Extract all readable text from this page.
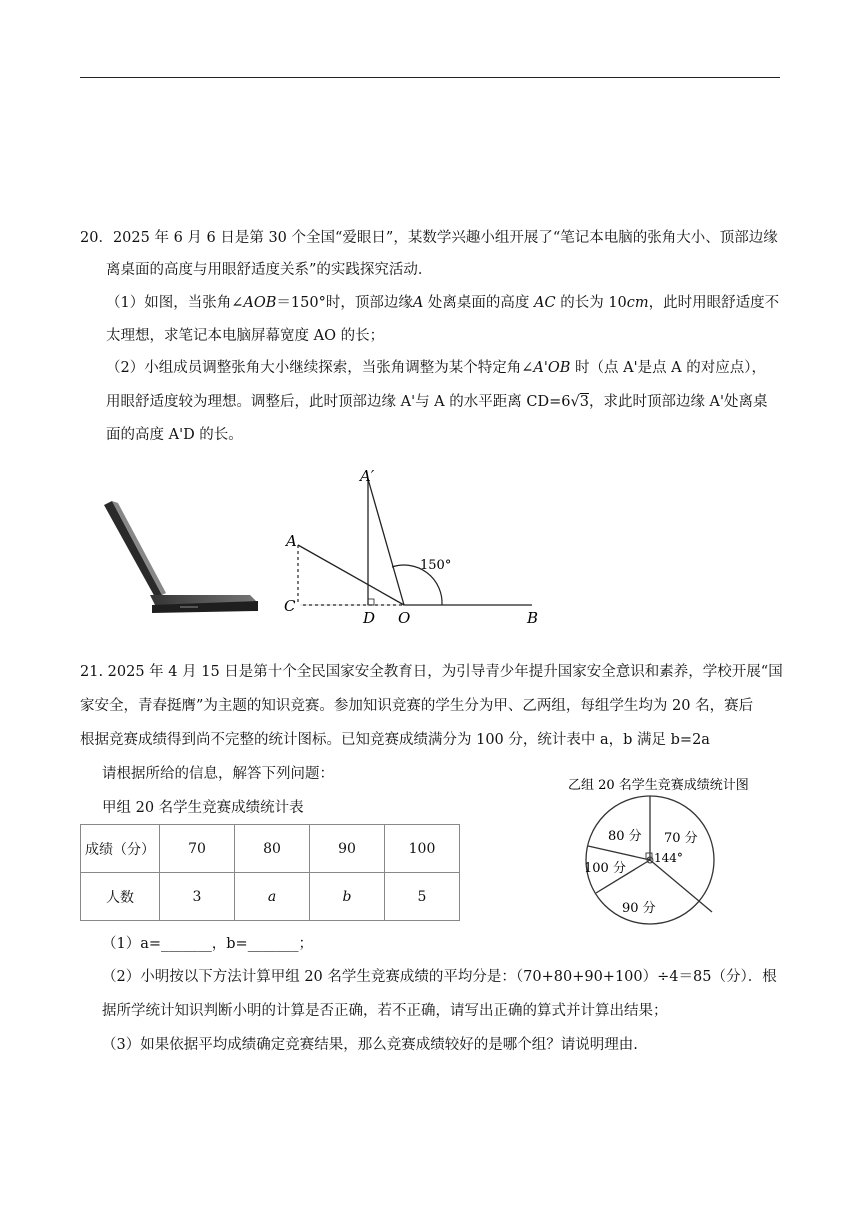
20．2025 年 6 月 6 日是第 30 个全国“爱眼日”，某数学兴趣小组开展了“笔记本电脑的张角大小、顶部边缘
离桌面的高度与用眼舒适度关系”的实践探究活动．
（1）如图，当张角∠AOB＝150°时，顶部边缘A 处离桌面的高度 AC 的长为 10cm，此时用眼舒适度不
太理想，求笔记本电脑屏幕宽度 AO 的长；
（2）小组成员调整张角大小继续探索，当张角调整为某个特定角∠A'OB 时（点 A'是点 A 的对应点），
用眼舒适度较为理想。调整后，此时顶部边缘 A'与 A 的水平距离 CD=6√3，求此时顶部边缘 A'处离桌
面的高度 A'D 的长。
A
A′
C
D O	B
150°
21. 2025 年 4 月 15 日是第十个全民国家安全教育日，为引导青少年提升国家安全意识和素养，学校开展“国
家安全，青春挺膺”为主题的知识竞赛。参加知识竞赛的学生分为甲、乙两组，每组学生均为 20 名，赛后
根据竞赛成绩得到尚不完整的统计图标。已知竞赛成绩满分为 100 分，统计表中 a，b 满足 b=2a
请根据所给的信息，解答下列问题：
甲组 20 名学生竞赛成绩统计表
成绩（分）	70	80	90	100
人数	3	a	b	5
乙组 20 名学生竞赛成绩统计图
70 分
80 分
90 分
100 分
144°
（1）a=_______，b=_______；
（2）小明按以下方法计算甲组 20 名学生竞赛成绩的平均分是：（70+80+90+100）÷4＝85（分）．根
据所学统计知识判断小明的计算是否正确，若不正确，请写出正确的算式并计算出结果；
（3）如果依据平均成绩确定竞赛结果，那么竞赛成绩较好的是哪个组？请说明理由.
